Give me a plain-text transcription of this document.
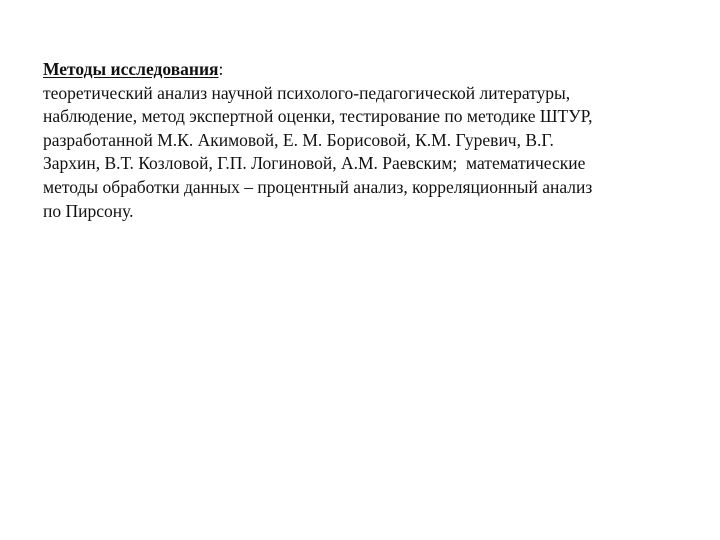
Методы исследования:
теоретический анализ научной психолого-педагогической литературы,
наблюдение, метод экспертной оценки, тестирование по методике ШТУР,
разработанной М.К. Акимовой, Е. М. Борисовой, К.М. Гуревич, В.Г.
Зархин, В.Т. Козловой, Г.П. Логиновой, А.М. Раевским;  математические
методы обработки данных – процентный анализ, корреляционный анализ
по Пирсону.
